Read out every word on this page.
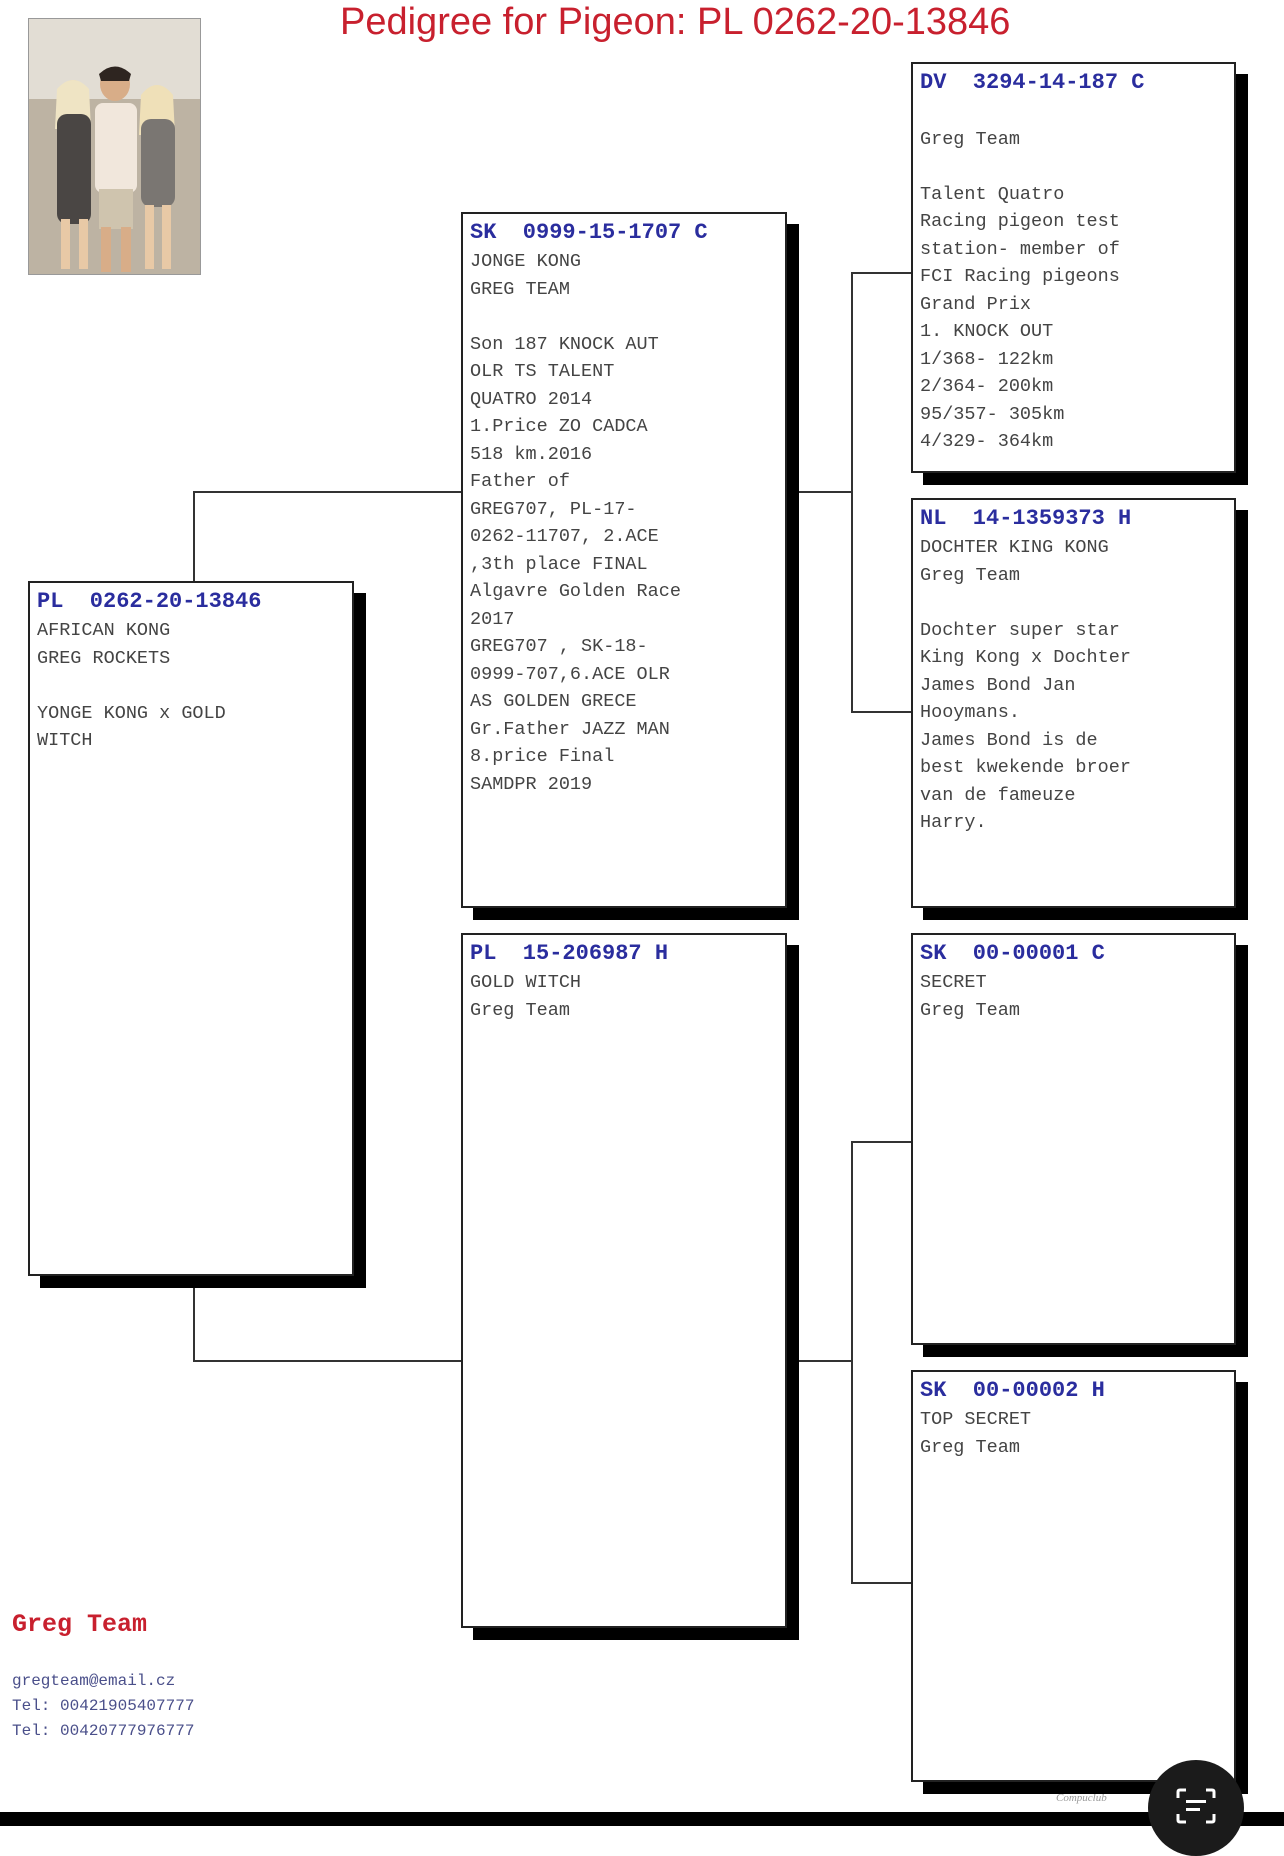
Pedigree for Pigeon: PL 0262-20-13846
PL  0262-20-13846
AFRICAN KONG
GREG ROCKETS
YONGE KONG x GOLD
WITCH
SK  0999-15-1707 C
JONGE KONG
GREG TEAM
Son 187 KNOCK AUT
OLR TS TALENT
QUATRO 2014
1.Price ZO CADCA
518 km.2016
Father of
GREG707, PL-17-
0262-11707, 2.ACE
,3th place FINAL
Algavre Golden Race
2017
GREG707 , SK-18-
0999-707,6.ACE OLR
AS GOLDEN GRECE
Gr.Father JAZZ MAN
8.price Final
SAMDPR 2019
PL  15-206987 H
GOLD WITCH
Greg Team
DV  3294-14-187 C
Greg Team
Talent Quatro
Racing pigeon test
station- member of
FCI Racing pigeons
Grand Prix
1. KNOCK OUT
1/368- 122km
2/364- 200km
95/357- 305km
4/329- 364km
NL  14-1359373 H
DOCHTER KING KONG
Greg Team
Dochter super star
King Kong x Dochter
James Bond Jan
Hooymans.
James Bond is de
best kwekende broer
van de fameuze
Harry.
SK  00-00001 C
SECRET
Greg Team
SK  00-00002 H
TOP SECRET
Greg Team
Greg Team
gregteam@email.cz
Tel: 00421905407777
Tel: 00420777976777
Compuclub
